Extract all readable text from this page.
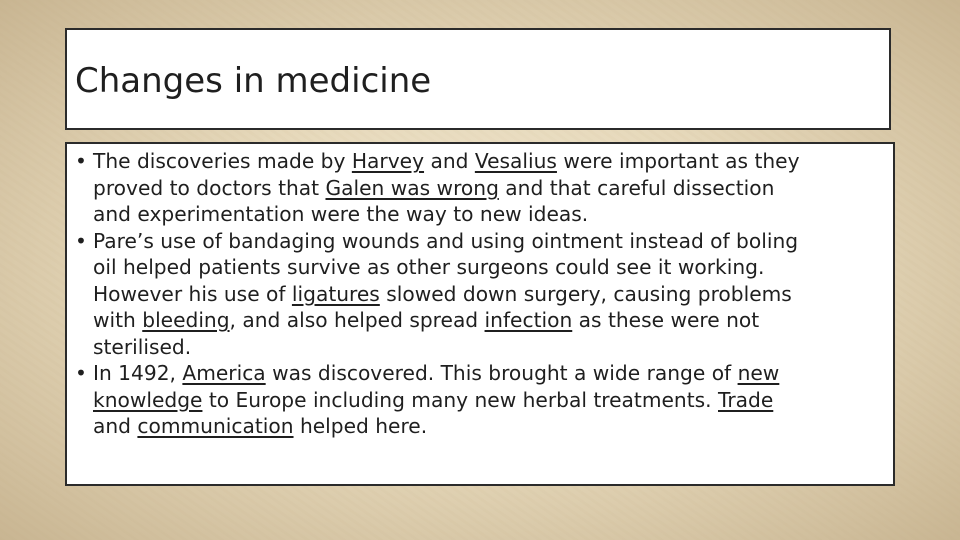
Changes in medicine
• The discoveries made by Harvey and Vesalius were important as they
proved to doctors that Galen was wrong and that careful dissection
and experimentation were the way to new ideas.
• Pare’s use of bandaging wounds and using ointment instead of boling
oil helped patients survive as other surgeons could see it working.
However his use of ligatures slowed down surgery, causing problems
with bleeding, and also helped spread infection as these were not
sterilised.
• In 1492, America was discovered. This brought a wide range of new
knowledge to Europe including many new herbal treatments. Trade
and communication helped here.
